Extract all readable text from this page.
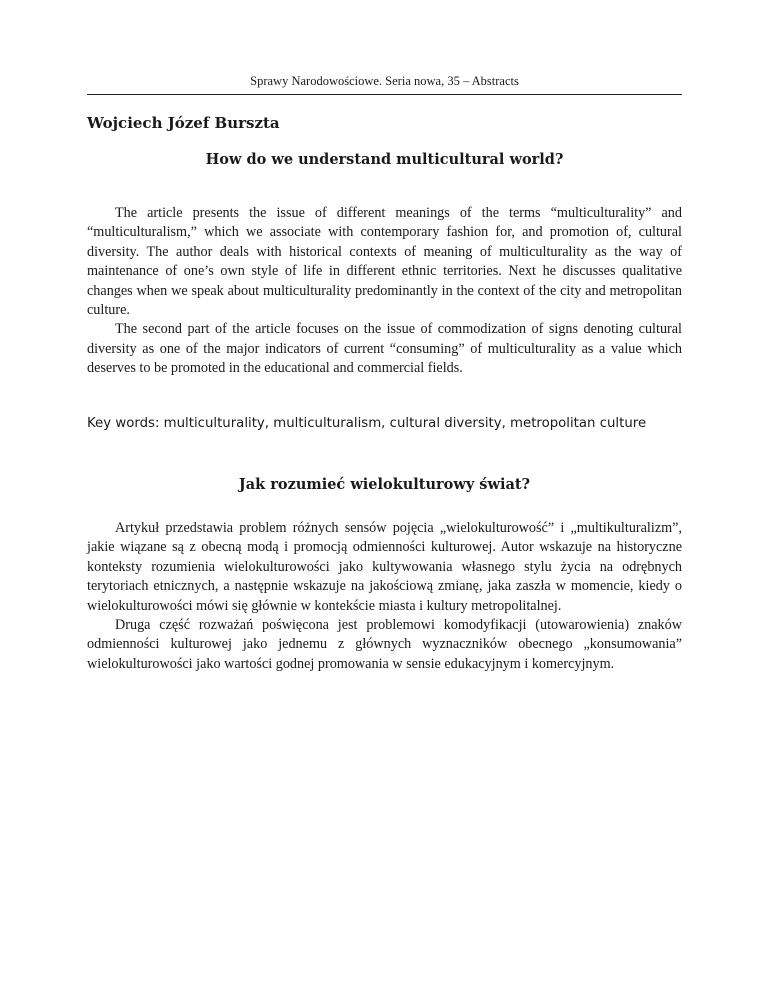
Sprawy Narodowościowe. Seria nowa, 35 – Abstracts
Wojciech Józef Burszta
How do we understand multicultural world?

The article presents the issue of different meanings of the terms “multiculturality” and “multiculturalism,” which we associate with contemporary fashion for, and promotion of, cultural diversity. The author deals with historical contexts of meaning of multiculturality as the way of maintenance of one’s own style of life in different ethnic territories. Next he discusses qualitative changes when we speak about multiculturality predominantly in the context of the city and metropolitan culture.

The second part of the article focuses on the issue of commodization of signs denoting cultural diversity as one of the major indicators of current “consuming” of multiculturality as a value which deserves to be promoted in the educational and commercial fields.

Key words: multiculturality, multiculturalism, cultural diversity, metropolitan culture
Jak rozumieć wielokulturowy świat?

Artykuł przedstawia problem różnych sensów pojęcia „wielokulturowość” i „multikulturalizm”, jakie wiązane są z obecną modą i promocją odmienności kulturowej. Autor wskazuje na historyczne konteksty rozumienia wielokulturowości jako kultywowania własnego stylu życia na odrębnych terytoriach etnicznych, a następnie wskazuje na jakościową zmianę, jaka zaszła w momencie, kiedy o wielokulturowości mówi się głównie w kontekście miasta i kultury metropolitalnej.

Druga część rozważań poświęcona jest problemowi komodyfikacji (utowarowienia) znaków odmienności kulturowej jako jednemu z głównych wyznaczników obecnego „konsumowania” wielokulturowości jako wartości godnej promowania w sensie edukacyjnym i komercyjnym.
